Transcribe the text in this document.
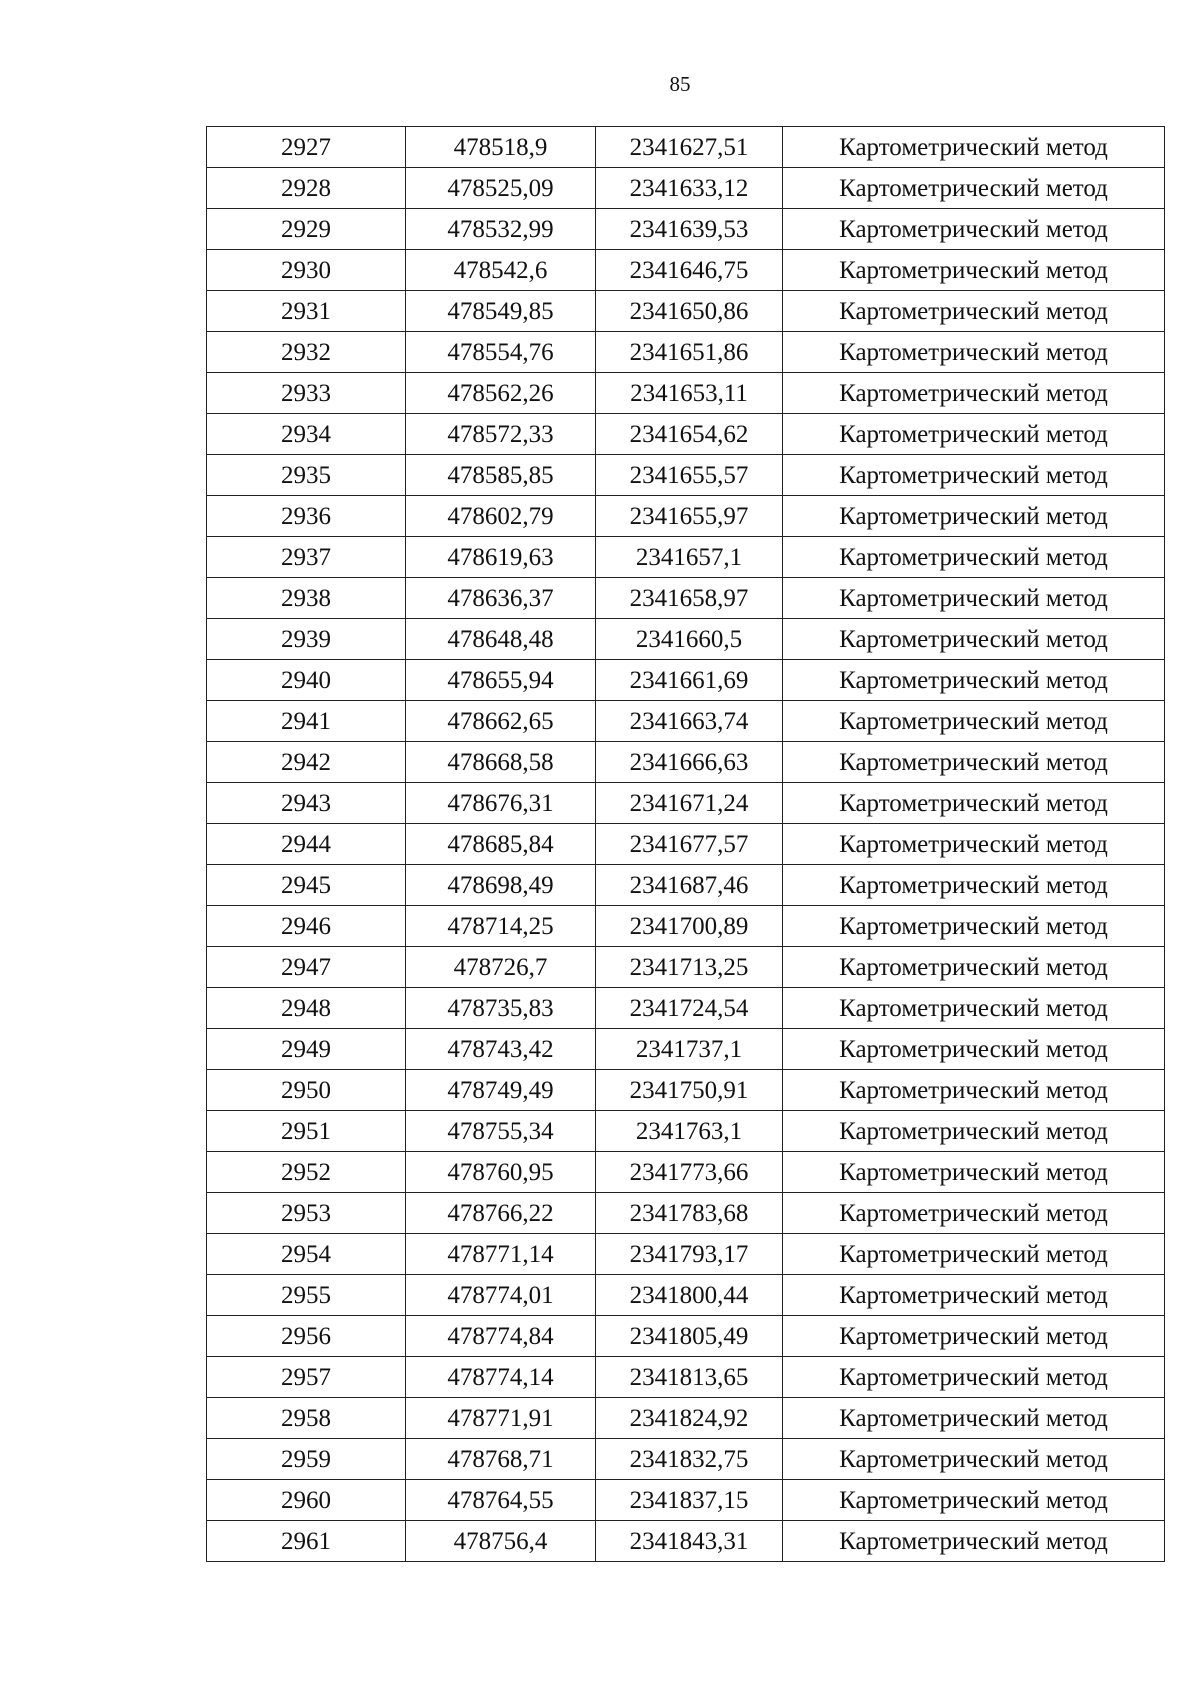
85
2927	478518,9	2341627,51	Картометрический метод
2928	478525,09	2341633,12	Картометрический метод
2929	478532,99	2341639,53	Картометрический метод
2930	478542,6	2341646,75	Картометрический метод
2931	478549,85	2341650,86	Картометрический метод
2932	478554,76	2341651,86	Картометрический метод
2933	478562,26	2341653,11	Картометрический метод
2934	478572,33	2341654,62	Картометрический метод
2935	478585,85	2341655,57	Картометрический метод
2936	478602,79	2341655,97	Картометрический метод
2937	478619,63	2341657,1	Картометрический метод
2938	478636,37	2341658,97	Картометрический метод
2939	478648,48	2341660,5	Картометрический метод
2940	478655,94	2341661,69	Картометрический метод
2941	478662,65	2341663,74	Картометрический метод
2942	478668,58	2341666,63	Картометрический метод
2943	478676,31	2341671,24	Картометрический метод
2944	478685,84	2341677,57	Картометрический метод
2945	478698,49	2341687,46	Картометрический метод
2946	478714,25	2341700,89	Картометрический метод
2947	478726,7	2341713,25	Картометрический метод
2948	478735,83	2341724,54	Картометрический метод
2949	478743,42	2341737,1	Картометрический метод
2950	478749,49	2341750,91	Картометрический метод
2951	478755,34	2341763,1	Картометрический метод
2952	478760,95	2341773,66	Картометрический метод
2953	478766,22	2341783,68	Картометрический метод
2954	478771,14	2341793,17	Картометрический метод
2955	478774,01	2341800,44	Картометрический метод
2956	478774,84	2341805,49	Картометрический метод
2957	478774,14	2341813,65	Картометрический метод
2958	478771,91	2341824,92	Картометрический метод
2959	478768,71	2341832,75	Картометрический метод
2960	478764,55	2341837,15	Картометрический метод
2961	478756,4	2341843,31	Картометрический метод
